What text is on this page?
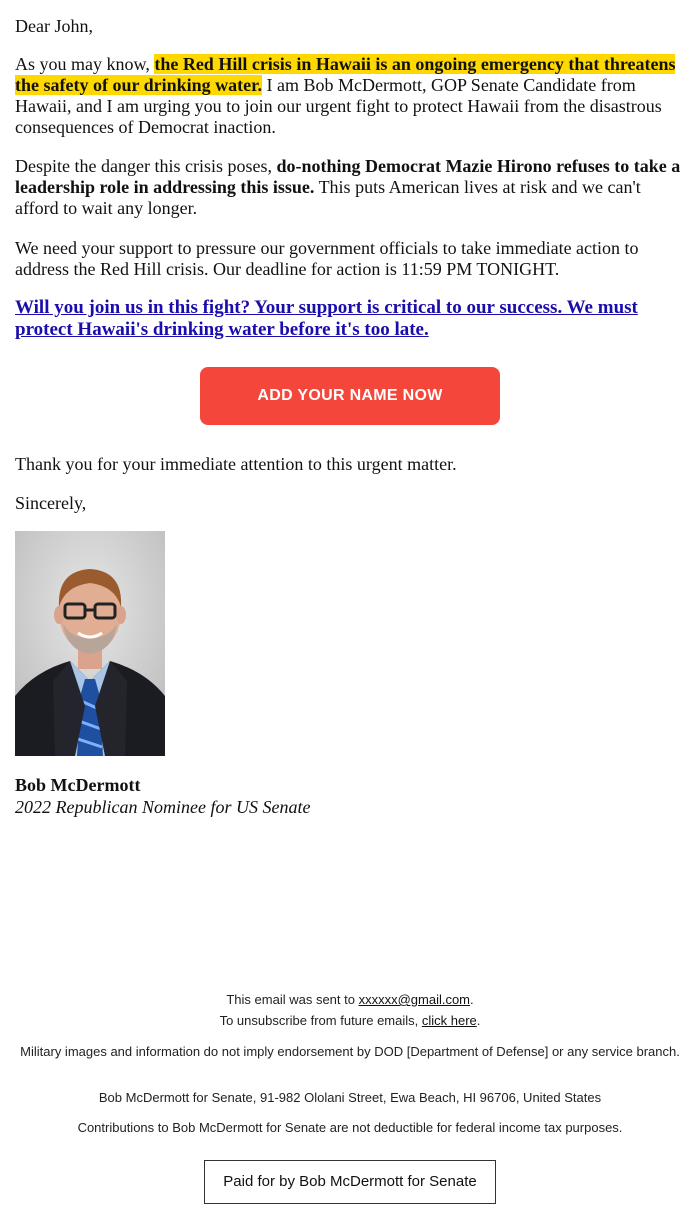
Dear John,

As you may know, the Red Hill crisis in Hawaii is an ongoing emergency that threatens the safety of our drinking water. I am Bob McDermott, GOP Senate Candidate from Hawaii, and I am urging you to join our urgent fight to protect Hawaii from the disastrous consequences of Democrat inaction.

Despite the danger this crisis poses, do-nothing Democrat Mazie Hirono refuses to take a leadership role in addressing this issue. This puts American lives at risk and we can't afford to wait any longer.

We need your support to pressure our government officials to take immediate action to address the Red Hill crisis. Our deadline for action is 11:59 PM TONIGHT.

Will you join us in this fight? Your support is critical to our success. We must protect Hawaii's drinking water before it's too late.

ADD YOUR NAME NOW

Thank you for your immediate attention to this urgent matter.

Sincerely,

Bob McDermott

2022 Republican Nominee for US Senate

This email was sent to xxxxxx@gmail.com.
To unsubscribe from future emails, click here.
Military images and information do not imply endorsement by DOD [Department of Defense] or any service branch.
Bob McDermott for Senate, 91-982 Ololani Street, Ewa Beach, HI 96706, United States
Contributions to Bob McDermott for Senate are not deductible for federal income tax purposes.
Paid for by Bob McDermott for Senate
